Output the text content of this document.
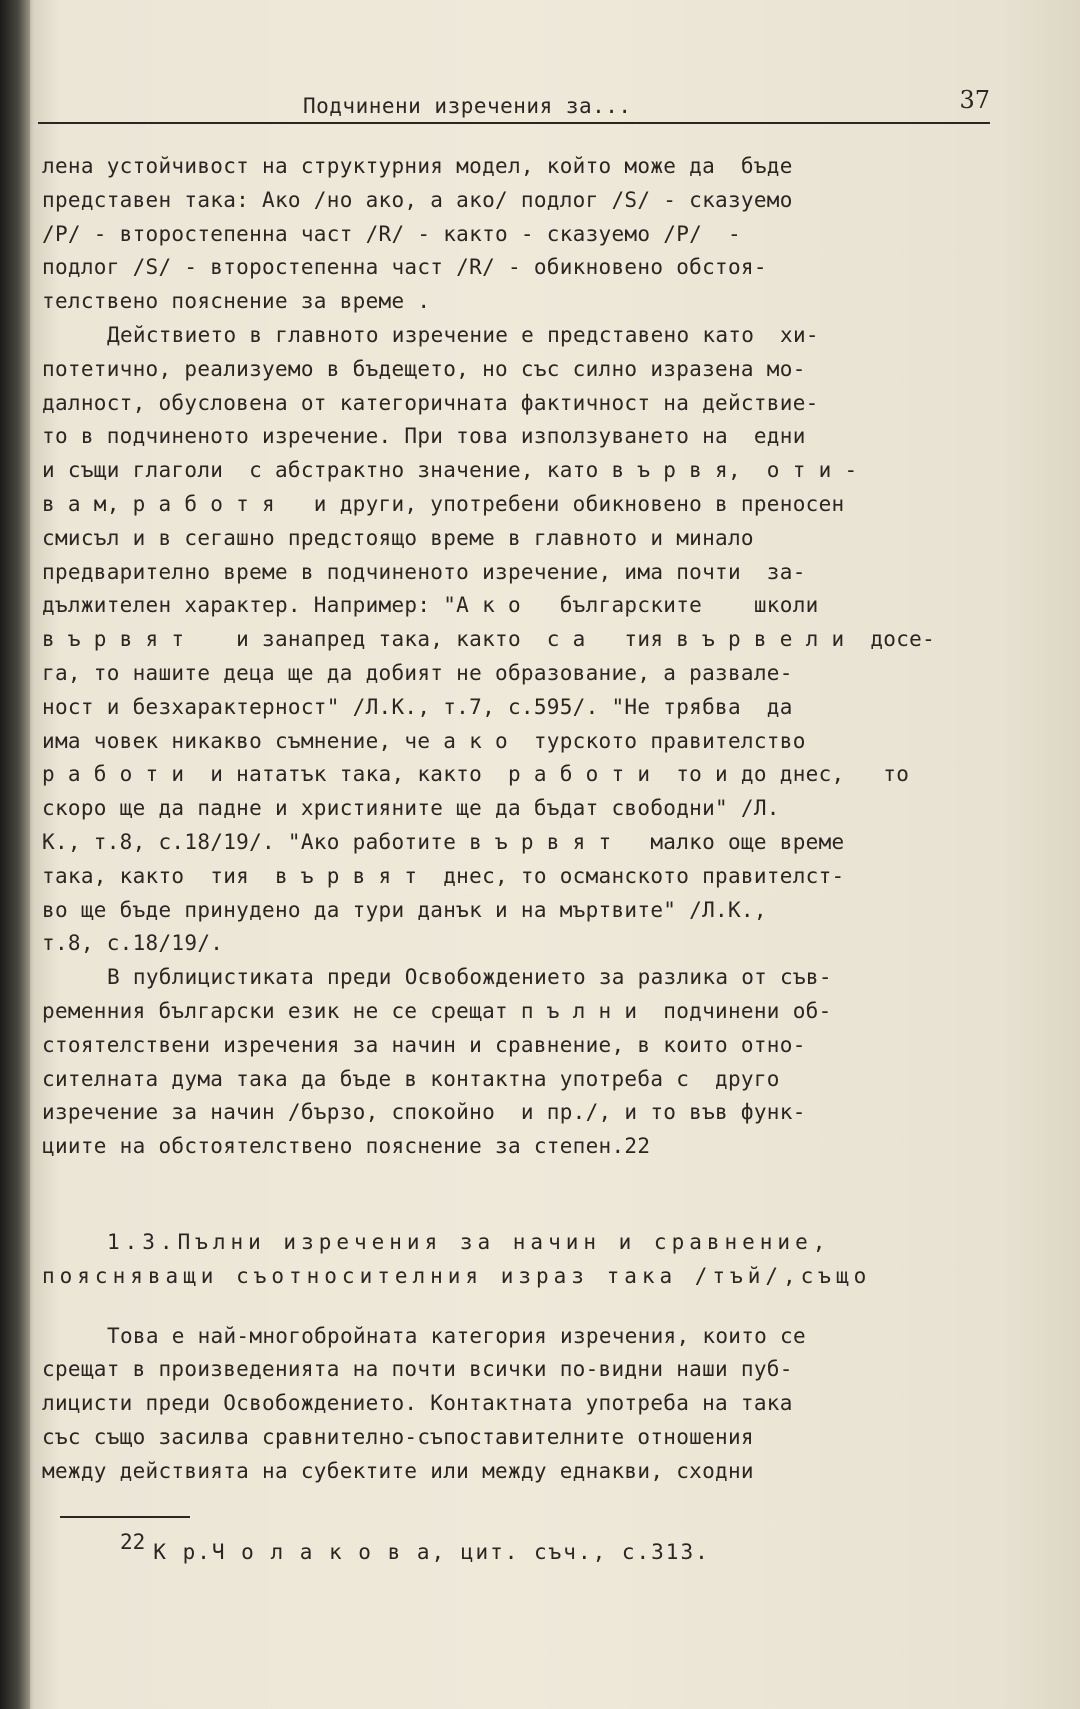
Подчинени изречения за...	37
лена устойчивост на структурния модел, който може да  бъде
представен така: Ако /но ако, а ако/ подлог /S/ - сказуемо
/P/ - второстепенна част /R/ - както - сказуемо /P/  -
подлог /S/ - второстепенна част /R/ - обикновено обстоя-
телствено пояснение за време .
Действието в главното изречение е представено като  хи-
потетично, реализуемо в бъдещето, но със силно изразена мо-
далност, обусловена от категоричната фактичност на действие-
то в подчиненото изречение. При това използуването на  едни
и същи глаголи  с абстрактно значение, като в ъ р в я,  о т и -
в а м, р а б о т я   и други, употребени обикновено в преносен
смисъл и в сегашно предстоящо време в главното и минало
предварително време в подчиненото изречение, има почти  за-
дължителен характер. Например: "А к о   българските    школи
в ъ р в я т    и занапред така, както  с а   тия в ъ р в е л и  досе-
га, то нашите деца ще да добият не образование, а развале-
ност и безхарактерност" /Л.К., т.7, с.595/. "Не трябва  да
има човек никакво съмнение, че а к о  турското правителство
р а б о т и  и нататък така, както  р а б о т и  то и до днес,   то
скоро ще да падне и християните ще да бъдат свободни" /Л.
К., т.8, с.18/19/. "Ако работите в ъ р в я т   малко още време
така, както  тия  в ъ р в я т  днес, то османското правителст-
во ще бъде принудено да тури данък и на мъртвите" /Л.К.,
т.8, с.18/19/.
В публицистиката преди Освобождението за разлика от съв-
ременния български език не се срещат п ъ л н и  подчинени об-
стоятелствени изречения за начин и сравнение, в които отно-
сителната дума така да бъде в контактна употреба с  друго
изречение за начин /бързо, спокойно  и пр./, и то във функ-
циите на обстоятелствено пояснение за степен.22
1.3.Пълни изречения за начин и сравнение,
поясняващи съотносителния израз така /тъй/,също
Това е най-многобройната категория изречения, които се
срещат в произведенията на почти всички по-видни наши пуб-
лицисти преди Освобождението. Контактната употреба на така
със също засилва сравнително-съпоставителните отношения
между действията на субектите или между еднакви, сходни
22 К р.Ч о л а к о в а, цит. съч., с.313.
